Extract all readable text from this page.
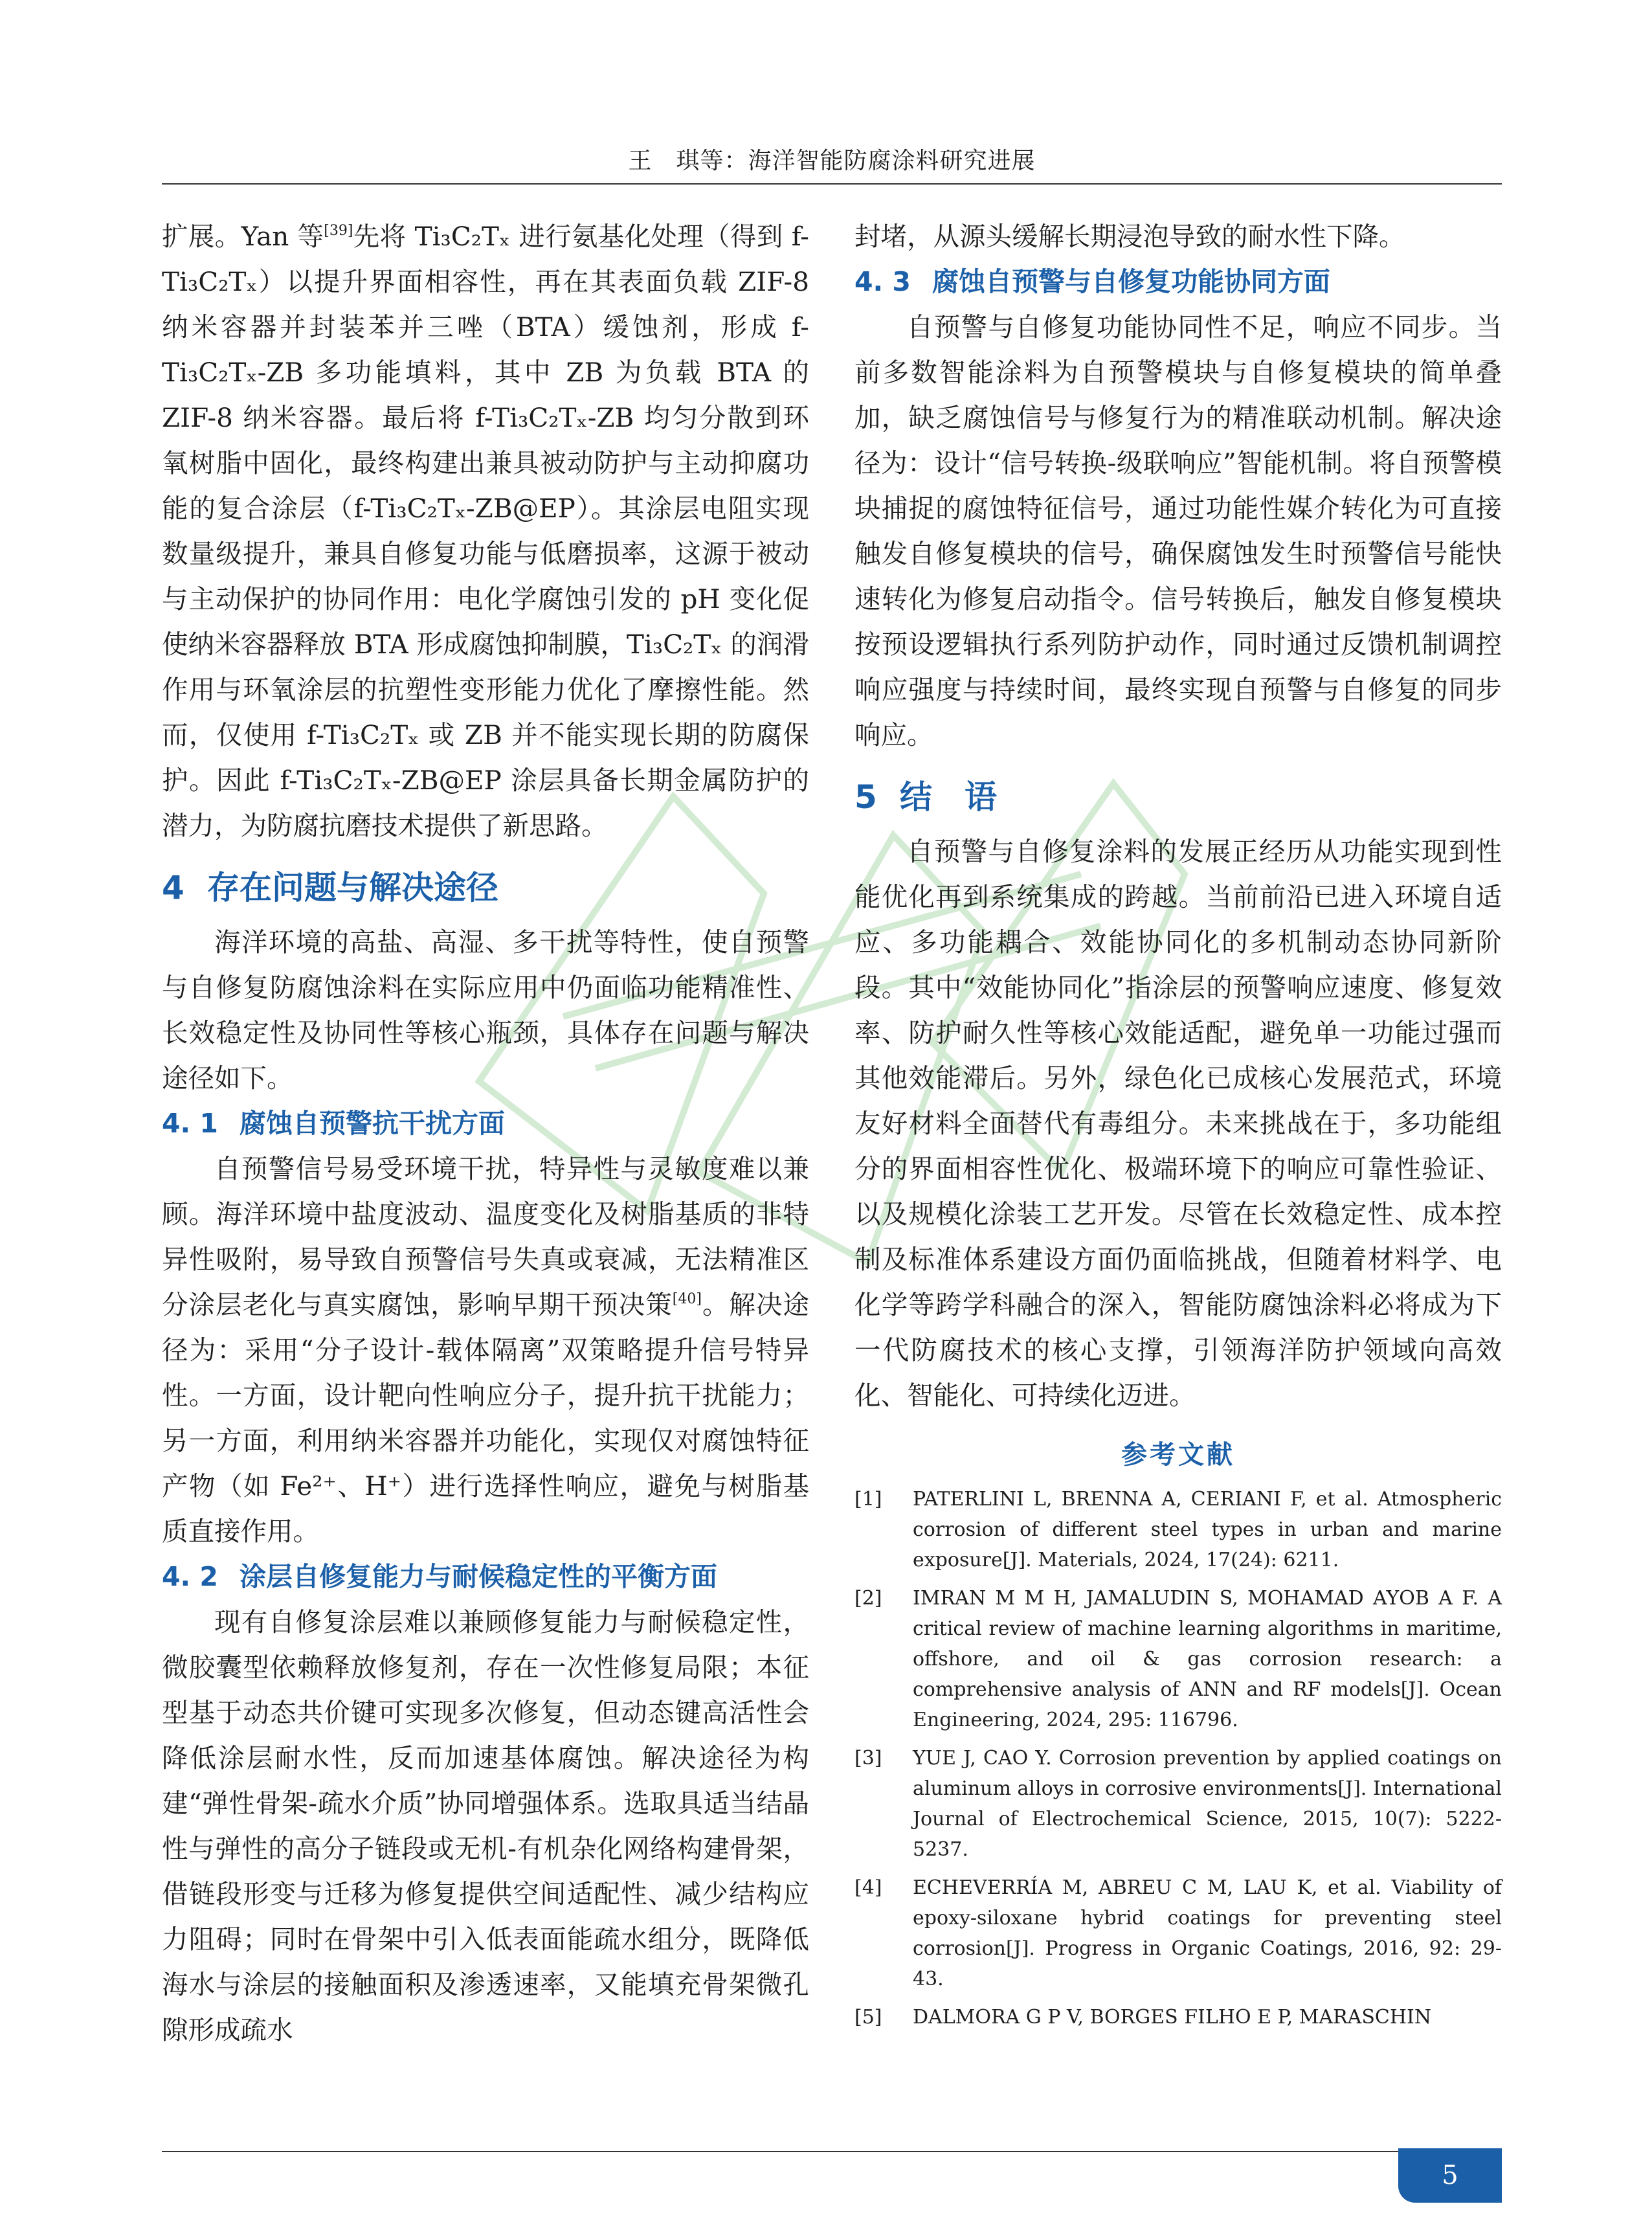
王　琪等：海洋智能防腐涂料研究进展

扩展。Yan 等[39]先将 Ti₃C₂Tₓ 进行氨基化处理（得到 f-Ti₃C₂Tₓ）以提升界面相容性，再在其表面负载 ZIF-8 纳米容器并封装苯并三唑（BTA）缓蚀剂，形成 f-Ti₃C₂Tₓ-ZB 多功能填料，其中 ZB 为负载 BTA 的 ZIF-8 纳米容器。最后将 f-Ti₃C₂Tₓ-ZB 均匀分散到环氧树脂中固化，最终构建出兼具被动防护与主动抑腐功能的复合涂层（f-Ti₃C₂Tₓ-ZB@EP）。其涂层电阻实现数量级提升，兼具自修复功能与低磨损率，这源于被动与主动保护的协同作用：电化学腐蚀引发的 pH 变化促使纳米容器释放 BTA 形成腐蚀抑制膜，Ti₃C₂Tₓ 的润滑作用与环氧涂层的抗塑性变形能力优化了摩擦性能。然而，仅使用 f-Ti₃C₂Tₓ 或 ZB 并不能实现长期的防腐保护。因此 f-Ti₃C₂Tₓ-ZB@EP 涂层具备长期金属防护的潜力，为防腐抗磨技术提供了新思路。

4 存在问题与解决途径

海洋环境的高盐、高湿、多干扰等特性，使自预警与自修复防腐蚀涂料在实际应用中仍面临功能精准性、长效稳定性及协同性等核心瓶颈，具体存在问题与解决途径如下。

4. 1 腐蚀自预警抗干扰方面

自预警信号易受环境干扰，特异性与灵敏度难以兼顾。海洋环境中盐度波动、温度变化及树脂基质的非特异性吸附，易导致自预警信号失真或衰减，无法精准区分涂层老化与真实腐蚀，影响早期干预决策[40]。解决途径为：采用“分子设计-载体隔离”双策略提升信号特异性。一方面，设计靶向性响应分子，提升抗干扰能力；另一方面，利用纳米容器并功能化，实现仅对腐蚀特征产物（如 Fe²⁺、H⁺）进行选择性响应，避免与树脂基质直接作用。

4. 2 涂层自修复能力与耐候稳定性的平衡方面

现有自修复涂层难以兼顾修复能力与耐候稳定性，微胶囊型依赖释放修复剂，存在一次性修复局限；本征型基于动态共价键可实现多次修复，但动态键高活性会降低涂层耐水性，反而加速基体腐蚀。解决途径为构建“弹性骨架-疏水介质”协同增强体系。选取具适当结晶性与弹性的高分子链段或无机-有机杂化网络构建骨架，借链段形变与迁移为修复提供空间适配性、减少结构应力阻碍；同时在骨架中引入低表面能疏水组分，既降低海水与涂层的接触面积及渗透速率，又能填充骨架微孔隙形成疏水

封堵，从源头缓解长期浸泡导致的耐水性下降。

4. 3 腐蚀自预警与自修复功能协同方面

自预警与自修复功能协同性不足，响应不同步。当前多数智能涂料为自预警模块与自修复模块的简单叠加，缺乏腐蚀信号与修复行为的精准联动机制。解决途径为：设计“信号转换-级联响应”智能机制。将自预警模块捕捉的腐蚀特征信号，通过功能性媒介转化为可直接触发自修复模块的信号，确保腐蚀发生时预警信号能快速转化为修复启动指令。信号转换后，触发自修复模块按预设逻辑执行系列防护动作，同时通过反馈机制调控响应强度与持续时间，最终实现自预警与自修复的同步响应。

5 结　语

自预警与自修复涂料的发展正经历从功能实现到性能优化再到系统集成的跨越。当前前沿已进入环境自适应、多功能耦合、效能协同化的多机制动态协同新阶段。其中“效能协同化”指涂层的预警响应速度、修复效率、防护耐久性等核心效能适配，避免单一功能过强而其他效能滞后。另外，绿色化已成核心发展范式，环境友好材料全面替代有毒组分。未来挑战在于，多功能组分的界面相容性优化、极端环境下的响应可靠性验证、以及规模化涂装工艺开发。尽管在长效稳定性、成本控制及标准体系建设方面仍面临挑战，但随着材料学、电化学等跨学科融合的深入，智能防腐蚀涂料必将成为下一代防腐技术的核心支撑，引领海洋防护领域向高效化、智能化、可持续化迈进。

参考文献
[1]	PATERLINI L, BRENNA A, CERIANI F, et al. Atmospheric corrosion of different steel types in urban and marine exposure[J]. Materials, 2024, 17(24): 6211.
[2]	IMRAN M M H, JAMALUDIN S, MOHAMAD AYOB A F. A critical review of machine learning algorithms in maritime, offshore, and oil & gas corrosion research: a comprehensive analysis of ANN and RF models[J]. Ocean Engineering, 2024, 295: 116796.
[3]	YUE J, CAO Y. Corrosion prevention by applied coatings on aluminum alloys in corrosive environments[J]. International Journal of Electrochemical Science, 2015, 10(7): 5222-5237.
[4]	ECHEVERRÍA M, ABREU C M, LAU K, et al. Viability of epoxy-siloxane hybrid coatings for preventing steel corrosion[J]. Progress in Organic Coatings, 2016, 92: 29-43.
[5]	DALMORA G P V, BORGES FILHO E P, MARASCHIN
5
